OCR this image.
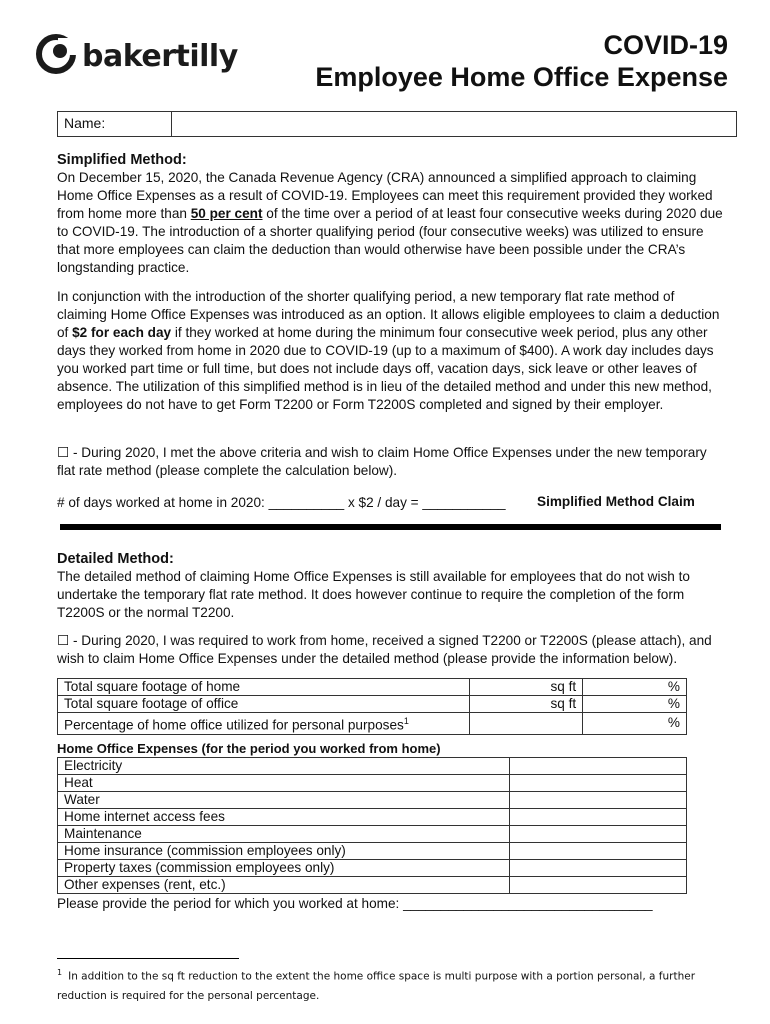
bakertilly	COVID-19
Employee Home Office Expense
Name:
Simplified Method:
On December 15, 2020, the Canada Revenue Agency (CRA) announced a simplified approach to claiming Home Office Expenses as a result of COVID-19. Employees can meet this requirement provided they worked from home more than 50 per cent of the time over a period of at least four consecutive weeks during 2020 due to COVID-19. The introduction of a shorter qualifying period (four consecutive weeks) was utilized to ensure that more employees can claim the deduction than would otherwise have been possible under the CRA’s longstanding practice.
In conjunction with the introduction of the shorter qualifying period, a new temporary flat rate method of claiming Home Office Expenses was introduced as an option. It allows eligible employees to claim a deduction of $2 for each day if they worked at home during the minimum four consecutive week period, plus any other days they worked from home in 2020 due to COVID-19 (up to a maximum of $400). A work day includes days you worked part time or full time, but does not include days off, vacation days, sick leave or other leaves of absence. The utilization of this simplified method is in lieu of the detailed method and under this new method, employees do not have to get Form T2200 or Form T2200S completed and signed by their employer.
☐ - During 2020, I met the above criteria and wish to claim Home Office Expenses under the new temporary flat rate method (please complete the calculation below).
# of days worked at home in 2020: __________ x $2 / day = ___________	Simplified Method Claim
Detailed Method:
The detailed method of claiming Home Office Expenses is still available for employees that do not wish to undertake the temporary flat rate method. It does however continue to require the completion of the form T2200S or the normal T2200.
☐ - During 2020, I was required to work from home, received a signed T2200 or T2200S (please attach), and wish to claim Home Office Expenses under the detailed method (please provide the information below).
Total square footage of home	sq ft	%
Total square footage of office	sq ft	%
Percentage of home office utilized for personal purposes$^1$		%
Home Office Expenses (for the period you worked from home)
Electricity	
Heat	
Water	
Home internet access fees	
Maintenance	
Home insurance (commission employees only)	
Property taxes (commission employees only)	
Other expenses (rent, etc.)	
Please provide the period for which you worked at home: _________________________________
$^1$ In addition to the sq ft reduction to the extent the home office space is multi purpose with a portion personal, a further reduction is required for the personal percentage.
